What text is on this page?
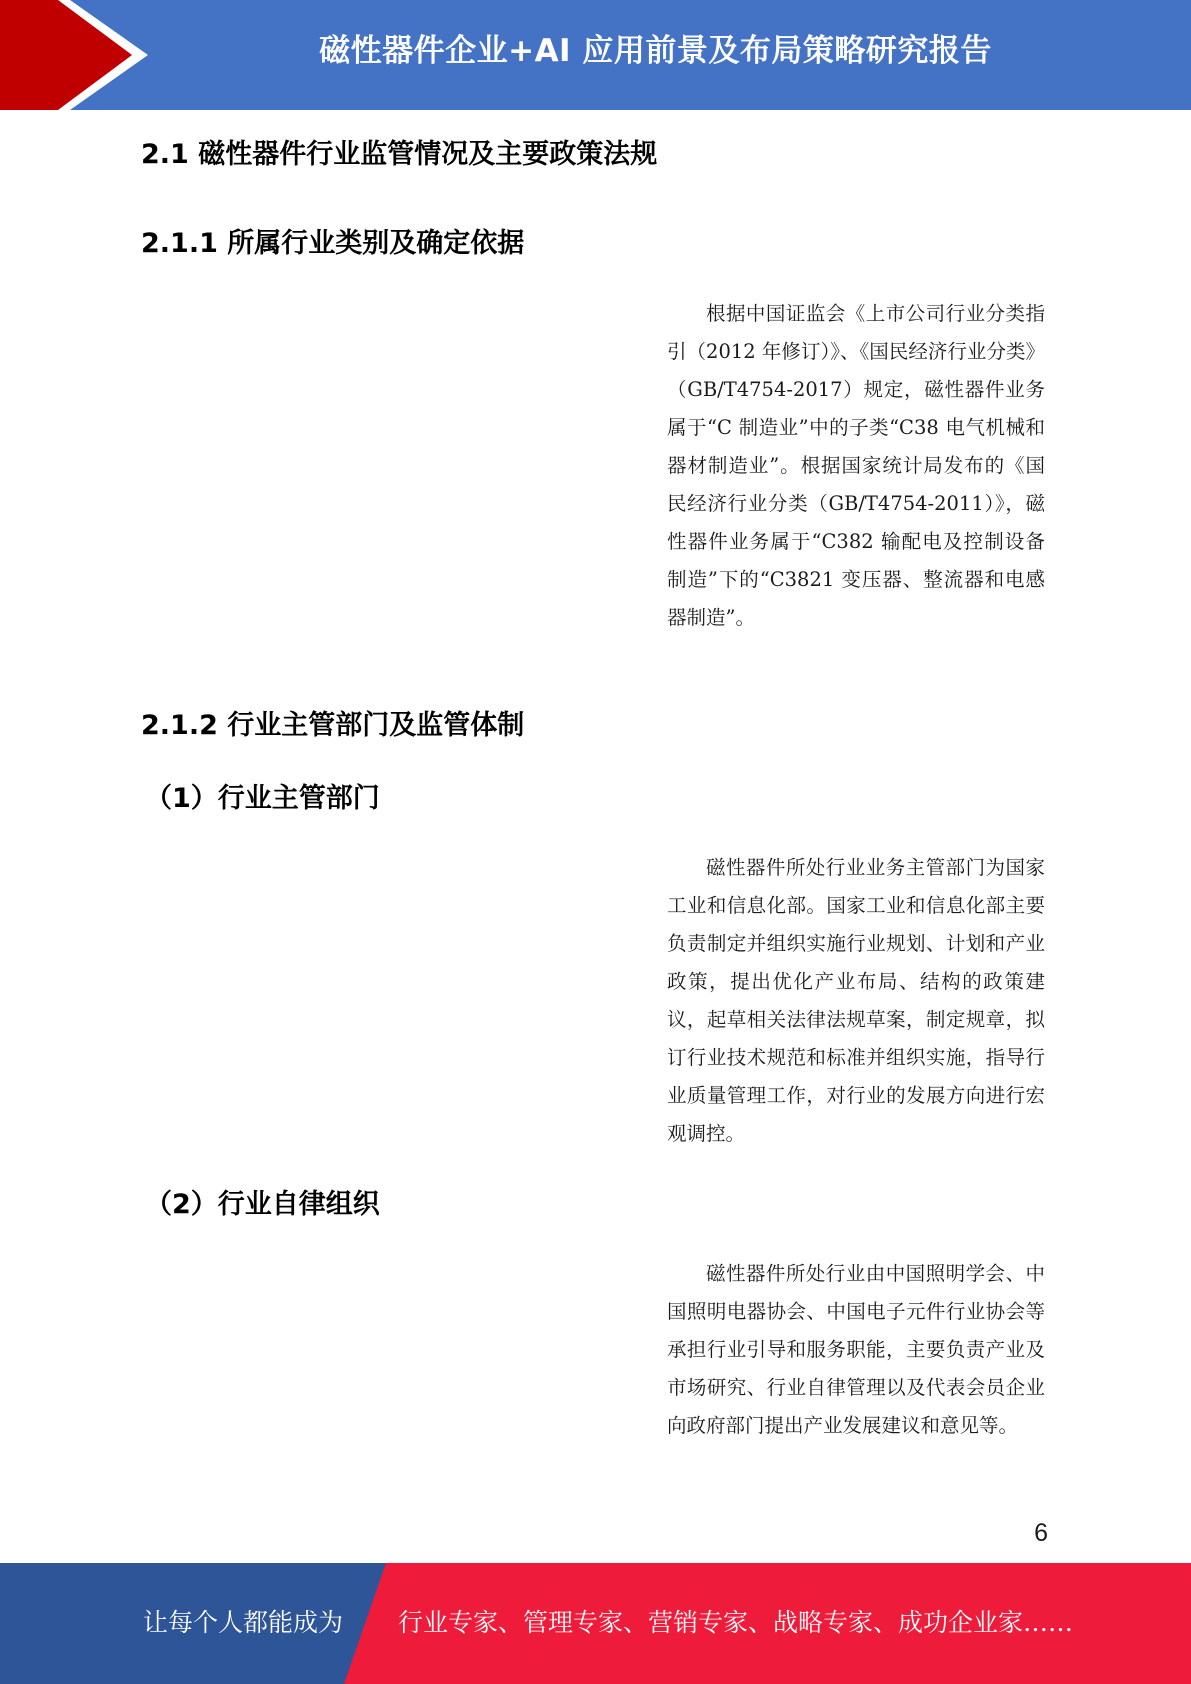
磁性器件企业+AI 应用前景及布局策略研究报告
2.1 磁性器件行业监管情况及主要政策法规
2.1.1 所属行业类别及确定依据

根据中国证监会《上市公司行业分类指引（2012 年修订）》、《国民经济行业分类》（GB/T4754-2017）规定，磁性器件业务属于“C 制造业”中的子类“C38 电气机械和器材制造业”。根据国家统计局发布的《国民经济行业分类（GB/T4754-2011）》，磁性器件业务属于“C382 输配电及控制设备制造”下的“C3821 变压器、整流器和电感器制造”。

2.1.2 行业主管部门及监管体制
（1）行业主管部门

磁性器件所处行业业务主管部门为国家工业和信息化部。国家工业和信息化部主要负责制定并组织实施行业规划、计划和产业政策，提出优化产业布局、结构的政策建议，起草相关法律法规草案，制定规章，拟订行业技术规范和标准并组织实施，指导行业质量管理工作，对行业的发展方向进行宏观调控。

（2）行业自律组织

磁性器件所处行业由中国照明学会、中国照明电器协会、中国电子元件行业协会等承担行业引导和服务职能，主要负责产业及市场研究、行业自律管理以及代表会员企业向政府部门提出产业发展建议和意见等。

6
让每个人都能成为 行业专家、管理专家、营销专家、战略专家、成功企业家……
